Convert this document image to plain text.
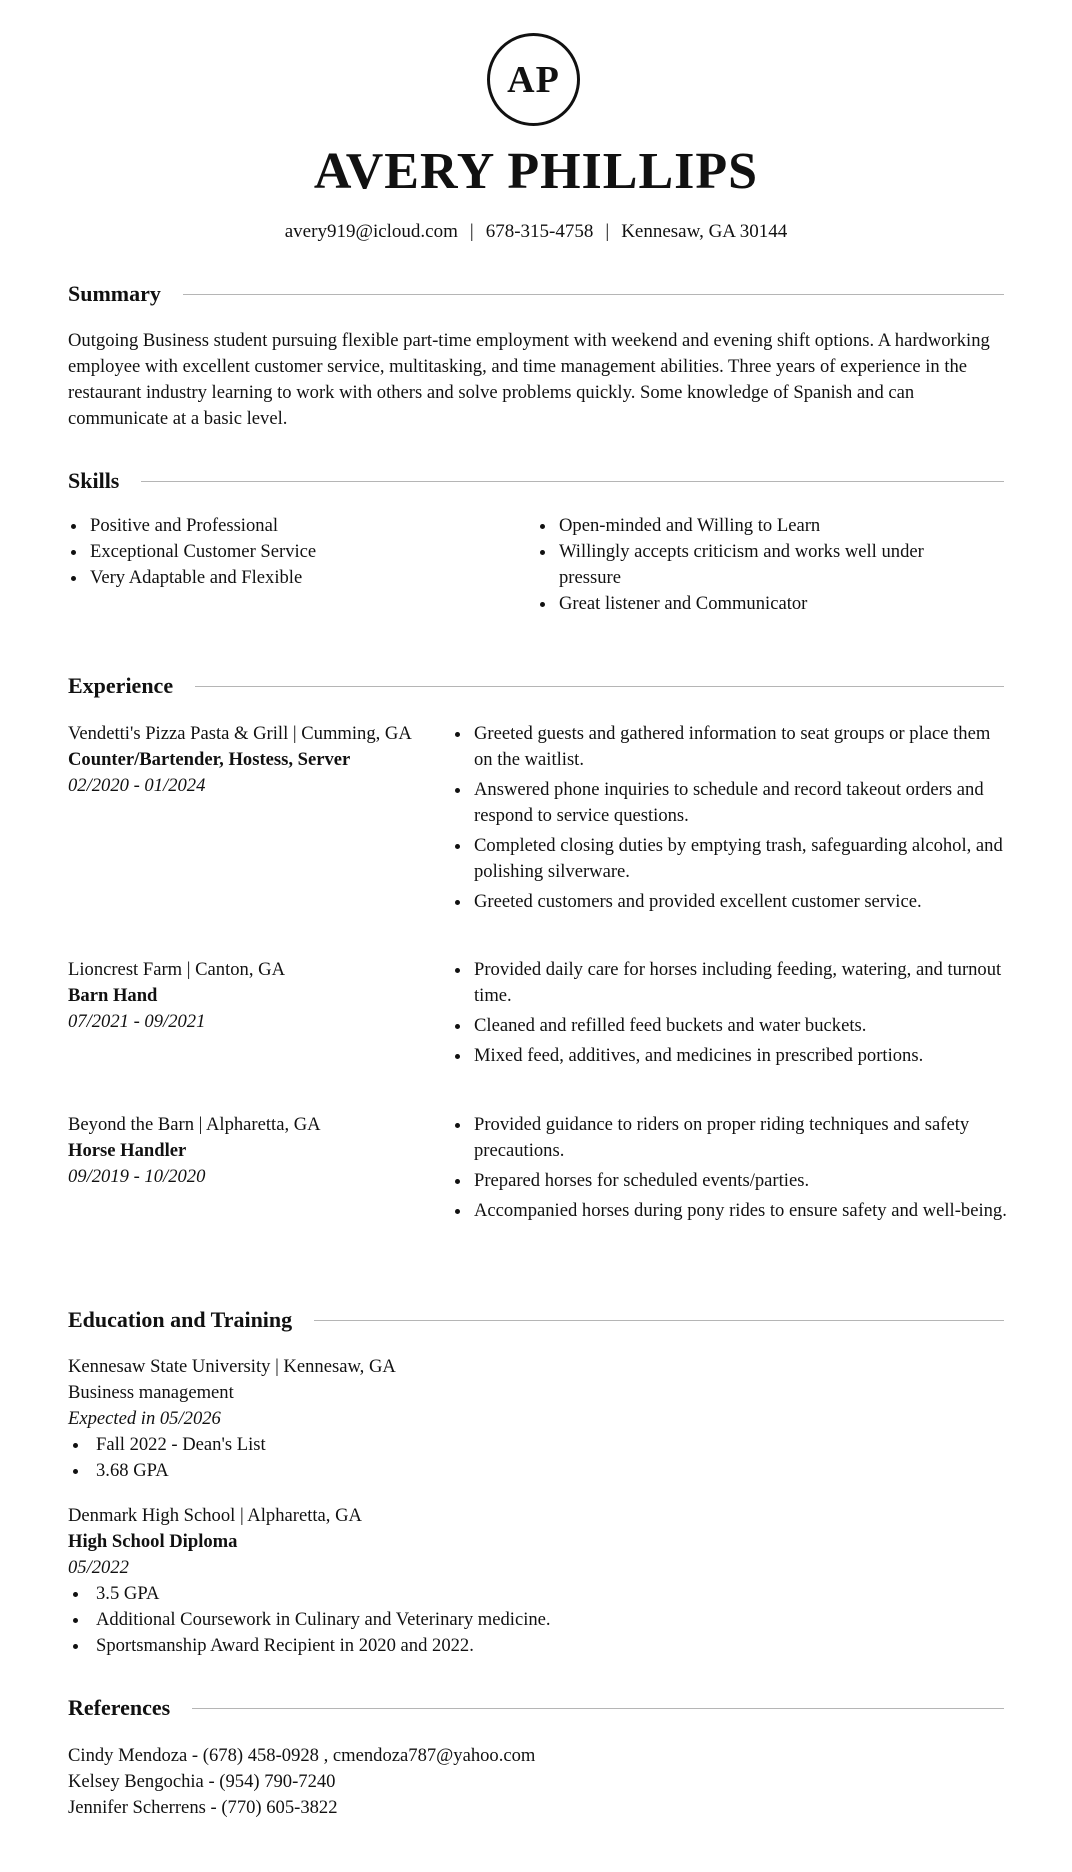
AP
AVERY PHILLIPS
avery919@icloud.com | 678-315-4758 | Kennesaw, GA 30144
Summary

Outgoing Business student pursuing flexible part-time employment with weekend and evening shift options. A hardworking employee with excellent customer service, multitasking, and time management abilities. Three years of experience in the restaurant industry learning to work with others and solve problems quickly. Some knowledge of Spanish and can communicate at a basic level.

Skills
Positive and Professional
Exceptional Customer Service
Very Adaptable and Flexible
Open-minded and Willing to Learn
Willingly accepts criticism and works well under pressure
Great listener and Communicator
Experience
Vendetti's Pizza Pasta & Grill | Cumming, GA
Counter/Bartender, Hostess, Server
02/2020 - 01/2024
Greeted guests and gathered information to seat groups or place them on the waitlist.
Answered phone inquiries to schedule and record takeout orders and respond to service questions.
Completed closing duties by emptying trash, safeguarding alcohol, and polishing silverware.
Greeted customers and provided excellent customer service.
Lioncrest Farm | Canton, GA
Barn Hand
07/2021 - 09/2021
Provided daily care for horses including feeding, watering, and turnout time.
Cleaned and refilled feed buckets and water buckets.
Mixed feed, additives, and medicines in prescribed portions.
Beyond the Barn | Alpharetta, GA
Horse Handler
09/2019 - 10/2020
Provided guidance to riders on proper riding techniques and safety precautions.
Prepared horses for scheduled events/parties.
Accompanied horses during pony rides to ensure safety and well-being.
Education and Training
Kennesaw State University | Kennesaw, GA
Business management
Expected in 05/2026
Fall 2022 - Dean's List
3.68 GPA
Denmark High School | Alpharetta, GA
High School Diploma
05/2022
3.5 GPA
Additional Coursework in Culinary and Veterinary medicine.
Sportsmanship Award Recipient in 2020 and 2022.
References
Cindy Mendoza - (678) 458-0928 , cmendoza787@yahoo.com
Kelsey Bengochia - (954) 790-7240
Jennifer Scherrens - (770) 605-3822
